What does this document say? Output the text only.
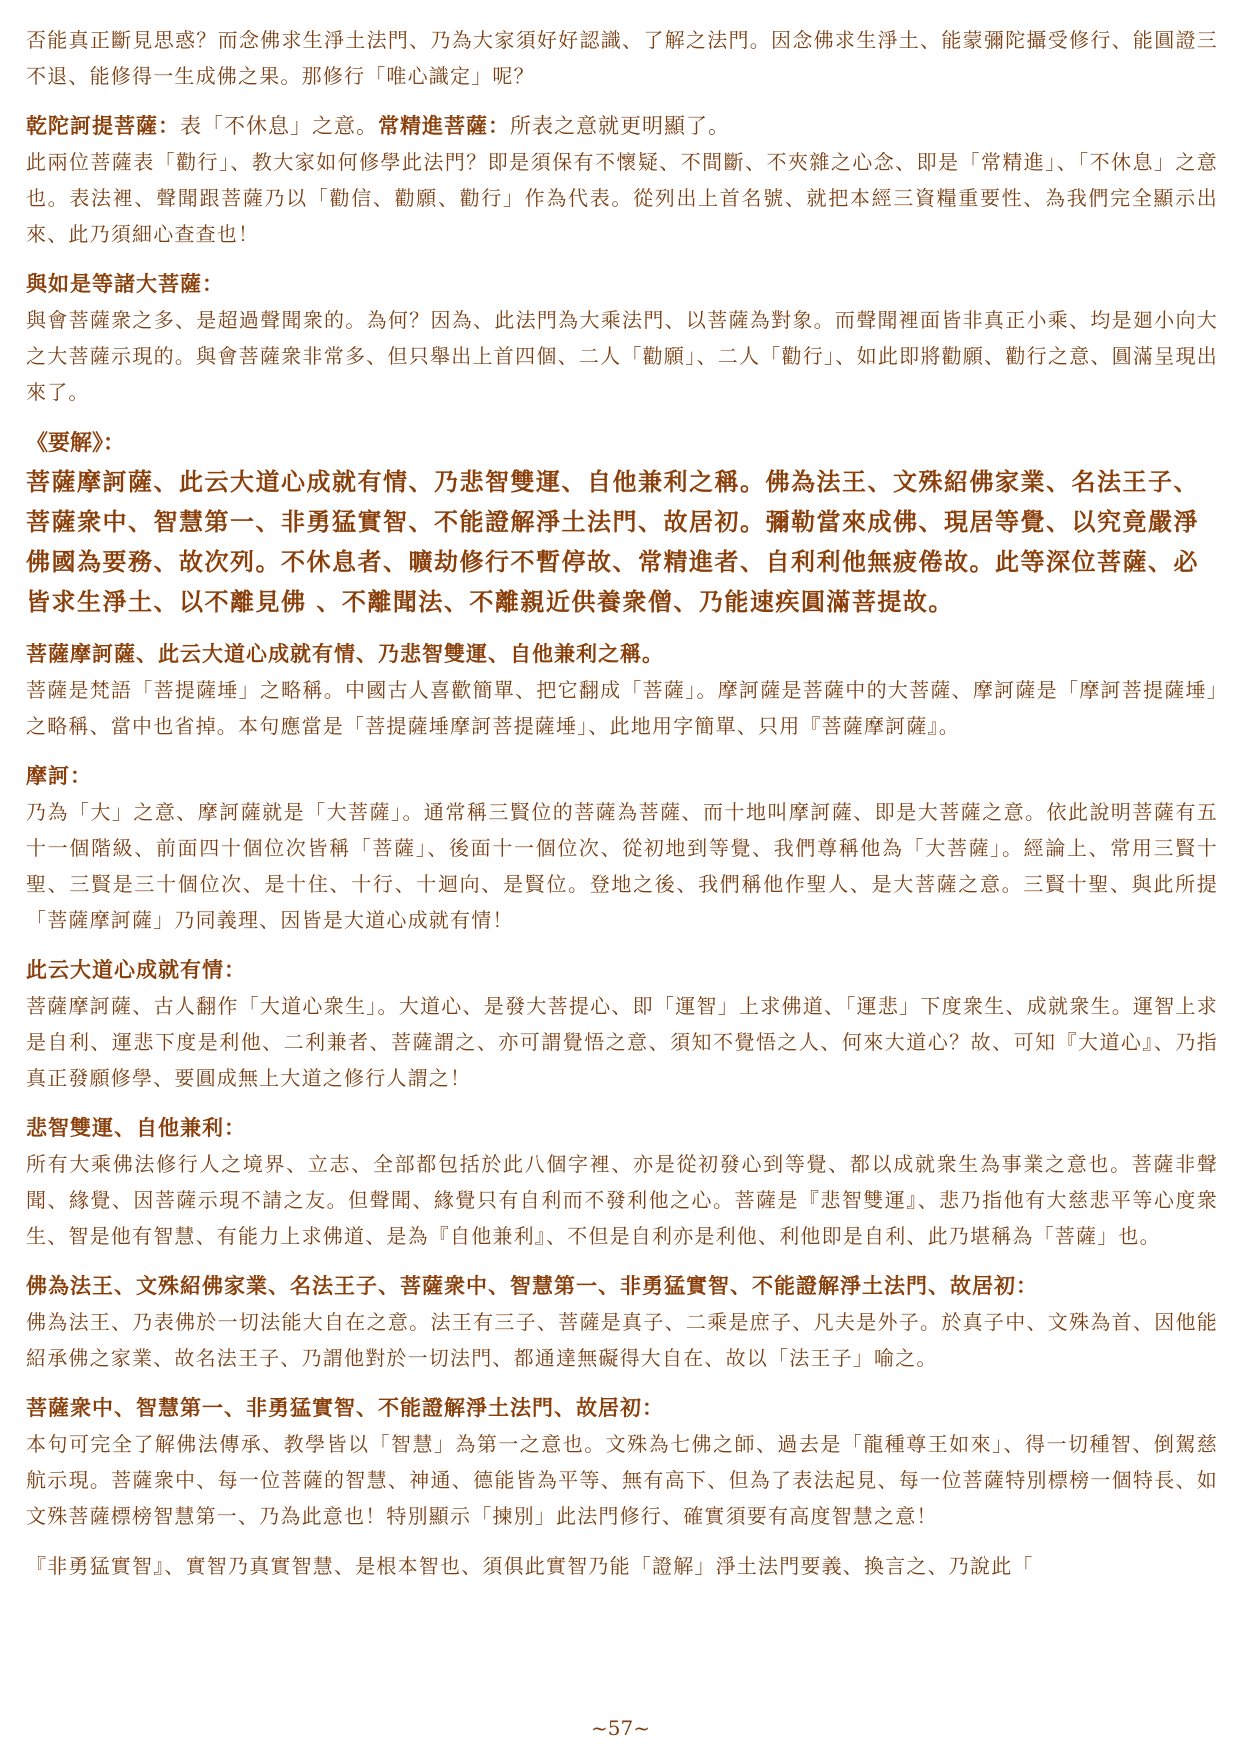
否能真正斷見思惑？而念佛求生淨土法門、乃為大家須好好認識、了解之法門。因念佛求生淨土、能蒙彌陀攝受修行、能圓證三不退、能修得一生成佛之果。那修行「唯心識定」呢？

乾陀訶提菩薩：表「不休息」之意。常精進菩薩：所表之意就更明顯了。

此兩位菩薩表「勸行」、教大家如何修學此法門？即是須保有不懷疑、不間斷、不夾雜之心念、即是「常精進」、「不休息」之意也。表法裡、聲聞跟菩薩乃以「勸信、勸願、勸行」作為代表。從列出上首名號、就把本經三資糧重要性、為我們完全顯示出來、此乃須細心查查也！

與如是等諸大菩薩：

與會菩薩衆之多、是超過聲聞衆的。為何？因為、此法門為大乘法門、以菩薩為對象。而聲聞裡面皆非真正小乘、均是廻小向大之大菩薩示現的。與會菩薩衆非常多、但只舉出上首四個、二人「勸願」、二人「勸行」、如此即將勸願、勸行之意、圓滿呈現出來了。

《要解》：

菩薩摩訶薩、此云大道心成就有情、乃悲智雙運、自他兼利之稱。佛為法王、文殊紹佛家業、名法王子、菩薩衆中、智慧第一、非勇猛實智、不能證解淨土法門、故居初。彌勒當來成佛、現居等覺、以究竟嚴淨佛國為要務、故次列。不休息者、曠劫修行不暫停故、常精進者、自利利他無疲倦故。此等深位菩薩、必皆求生淨土、以不離見佛 、不離聞法、不離親近供養衆僧、乃能速疾圓滿菩提故。

菩薩摩訶薩、此云大道心成就有情、乃悲智雙運、自他兼利之稱。

菩薩是梵語「菩提薩埵」之略稱。中國古人喜歡簡單、把它翻成「菩薩」。摩訶薩是菩薩中的大菩薩、摩訶薩是「摩訶菩提薩埵」之略稱、當中也省掉。本句應當是「菩提薩埵摩訶菩提薩埵」、此地用字簡單、只用『菩薩摩訶薩』。

摩訶：

乃為「大」之意、摩訶薩就是「大菩薩」。通常稱三賢位的菩薩為菩薩、而十地叫摩訶薩、即是大菩薩之意。依此說明菩薩有五十一個階級、前面四十個位次皆稱「菩薩」、後面十一個位次、從初地到等覺、我們尊稱他為「大菩薩」。經論上、常用三賢十聖、三賢是三十個位次、是十住、十行、十迴向、是賢位。登地之後、我們稱他作聖人、是大菩薩之意。三賢十聖、與此所提「菩薩摩訶薩」乃同義理、因皆是大道心成就有情！

此云大道心成就有情：

菩薩摩訶薩、古人翻作「大道心衆生」。大道心、是發大菩提心、即「運智」上求佛道、「運悲」下度衆生、成就衆生。運智上求是自利、運悲下度是利他、二利兼者、菩薩謂之、亦可謂覺悟之意、須知不覺悟之人、何來大道心？故、可知『大道心』、乃指真正發願修學、要圓成無上大道之修行人謂之！

悲智雙運、自他兼利：

所有大乘佛法修行人之境界、立志、全部都包括於此八個字裡、亦是從初發心到等覺、都以成就衆生為事業之意也。菩薩非聲聞、緣覺、因菩薩示現不請之友。但聲聞、緣覺只有自利而不發利他之心。菩薩是『悲智雙運』、悲乃指他有大慈悲平等心度衆生、智是他有智慧、有能力上求佛道、是為『自他兼利』、不但是自利亦是利他、利他即是自利、此乃堪稱為「菩薩」也。

佛為法王、文殊紹佛家業、名法王子、菩薩衆中、智慧第一、非勇猛實智、不能證解淨土法門、故居初：

佛為法王、乃表佛於一切法能大自在之意。法王有三子、菩薩是真子、二乘是庶子、凡夫是外子。於真子中、文殊為首、因他能紹承佛之家業、故名法王子、乃謂他對於一切法門、都通達無礙得大自在、故以「法王子」喻之。

菩薩衆中、智慧第一、非勇猛實智、不能證解淨土法門、故居初：

本句可完全了解佛法傳承、教學皆以「智慧」為第一之意也。文殊為七佛之師、過去是「龍種尊王如來」、得一切種智、倒駕慈航示現。菩薩衆中、每一位菩薩的智慧、神通、德能皆為平等、無有高下、但為了表法起見、每一位菩薩特別標榜一個特長、如文殊菩薩標榜智慧第一、乃為此意也！特別顯示「揀別」此法門修行、確實須要有高度智慧之意！

『非勇猛實智』、實智乃真實智慧、是根本智也、須俱此實智乃能「證解」淨土法門要義、換言之、乃說此「

~57~
